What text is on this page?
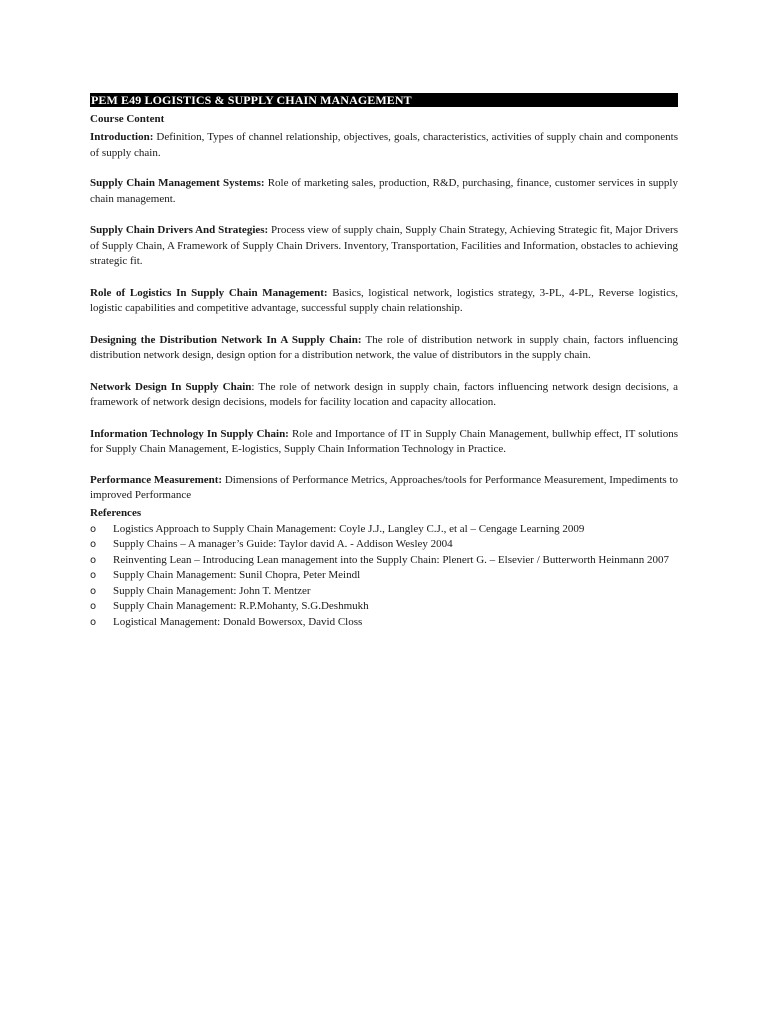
PEM E49 LOGISTICS & SUPPLY CHAIN MANAGEMENT
Course Content

Introduction: Definition, Types of channel relationship, objectives, goals, characteristics, activities of supply chain and components of supply chain.

Supply Chain Management Systems: Role of marketing sales, production, R&D, purchasing, finance, customer services in supply chain management.

Supply Chain Drivers And Strategies: Process view of supply chain, Supply Chain Strategy, Achieving Strategic fit, Major Drivers of Supply Chain, A Framework of Supply Chain Drivers. Inventory, Transportation, Facilities and Information, obstacles to achieving strategic fit.

Role of Logistics In Supply Chain Management: Basics, logistical network, logistics strategy, 3-PL, 4-PL, Reverse logistics, logistic capabilities and competitive advantage, successful supply chain relationship.

Designing the Distribution Network In A Supply Chain: The role of distribution network in supply chain, factors influencing distribution network design, design option for a distribution network, the value of distributors in the supply chain.

Network Design In Supply Chain: The role of network design in supply chain, factors influencing network design decisions, a framework of network design decisions, models for facility location and capacity allocation.

Information Technology In Supply Chain: Role and Importance of IT in Supply Chain Management, bullwhip effect, IT solutions for Supply Chain Management, E-logistics, Supply Chain Information Technology in Practice.

Performance Measurement: Dimensions of Performance Metrics, Approaches/tools for Performance Measurement, Impediments to improved Performance

References
o Logistics Approach to Supply Chain Management: Coyle J.J., Langley C.J., et al – Cengage Learning 2009
o Supply Chains – A manager’s Guide: Taylor david A. - Addison Wesley 2004
o Reinventing Lean – Introducing Lean management into the Supply Chain: Plenert G. – Elsevier / Butterworth Heinmann 2007
o Supply Chain Management: Sunil Chopra, Peter Meindl
o Supply Chain Management: John T. Mentzer
o Supply Chain Management: R.P.Mohanty, S.G.Deshmukh
o Logistical Management: Donald Bowersox, David Closs
